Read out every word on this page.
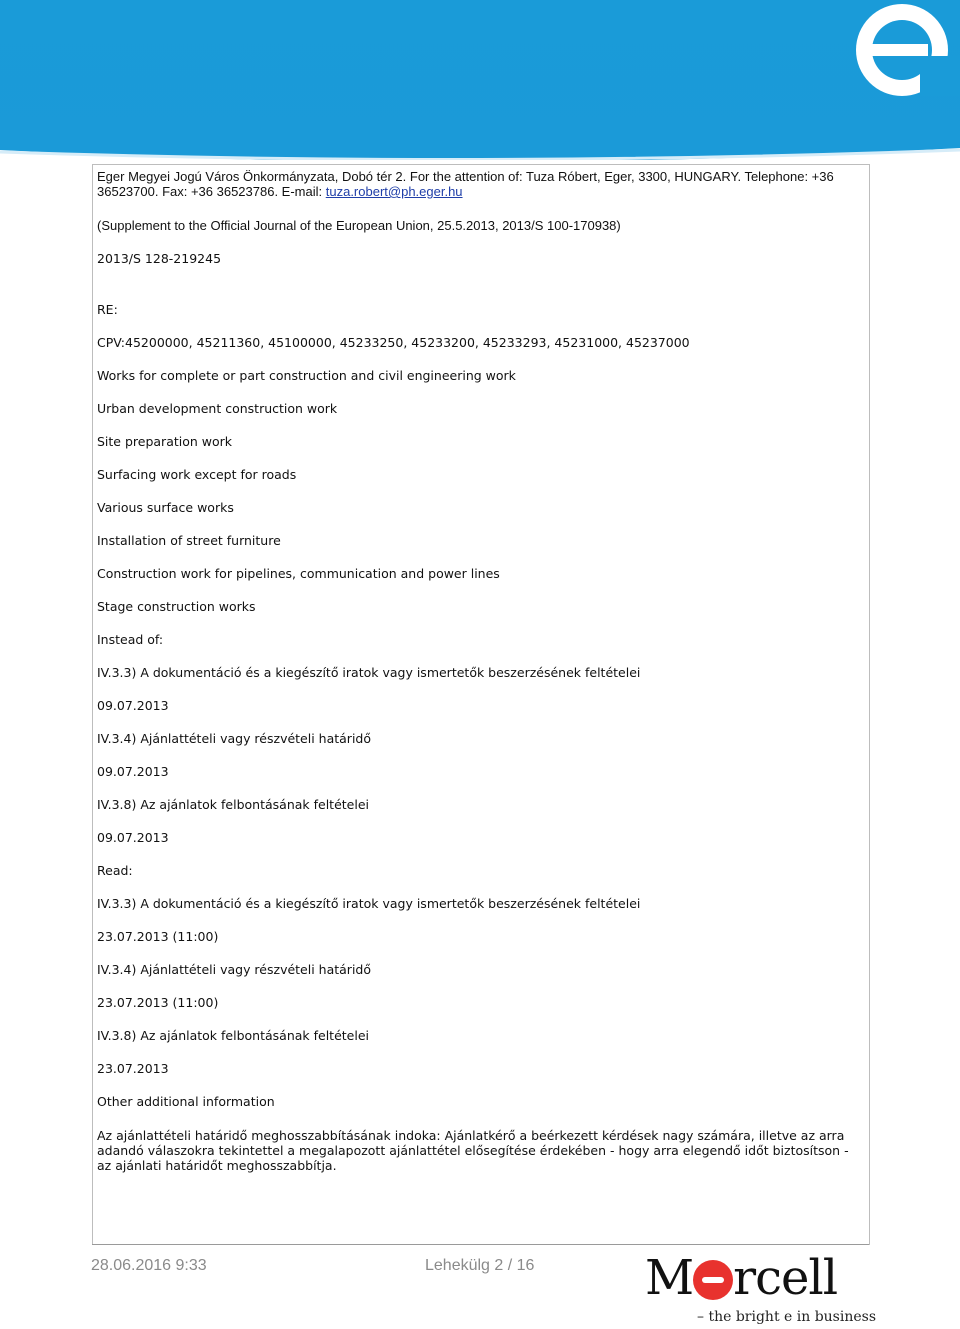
Eger Megyei Jogú Város Önkormányzata, Dobó tér 2. For the attention of: Tuza Róbert, Eger, 3300, HUNGARY. Telephone: +36 36523700. Fax: +36 36523786. E-mail: tuza.robert@ph.eger.hu
(Supplement to the Official Journal of the European Union, 25.5.2013, 2013/S 100-170938)
2013/S 128-219245
RE:
CPV:45200000, 45211360, 45100000, 45233250, 45233200, 45233293, 45231000, 45237000
Works for complete or part construction and civil engineering work
Urban development construction work
Site preparation work
Surfacing work except for roads
Various surface works
Installation of street furniture
Construction work for pipelines, communication and power lines
Stage construction works
Instead of:
IV.3.3) A dokumentáció és a kiegészítő iratok vagy ismertetők beszerzésének feltételei
09.07.2013
IV.3.4) Ajánlattételi vagy részvételi határidő
09.07.2013
IV.3.8) Az ajánlatok felbontásának feltételei
09.07.2013
Read:
IV.3.3) A dokumentáció és a kiegészítő iratok vagy ismertetők beszerzésének feltételei
23.07.2013 (11:00)
IV.3.4) Ajánlattételi vagy részvételi határidő
23.07.2013 (11:00)
IV.3.8) Az ajánlatok felbontásának feltételei
23.07.2013
Other additional information
Az ajánlattételi határidő meghosszabbításának indoka: Ajánlatkérő a beérkezett kérdések nagy számára, illetve az arra adandó válaszokra tekintettel a megalapozott ajánlattétel elősegítése érdekében - hogy arra elegendő időt biztosítson - az ajánlati határidőt meghosszabbítja.
28.06.2016 9:33	Lehekülg 2 / 16 M rcell
– the bright e in business
